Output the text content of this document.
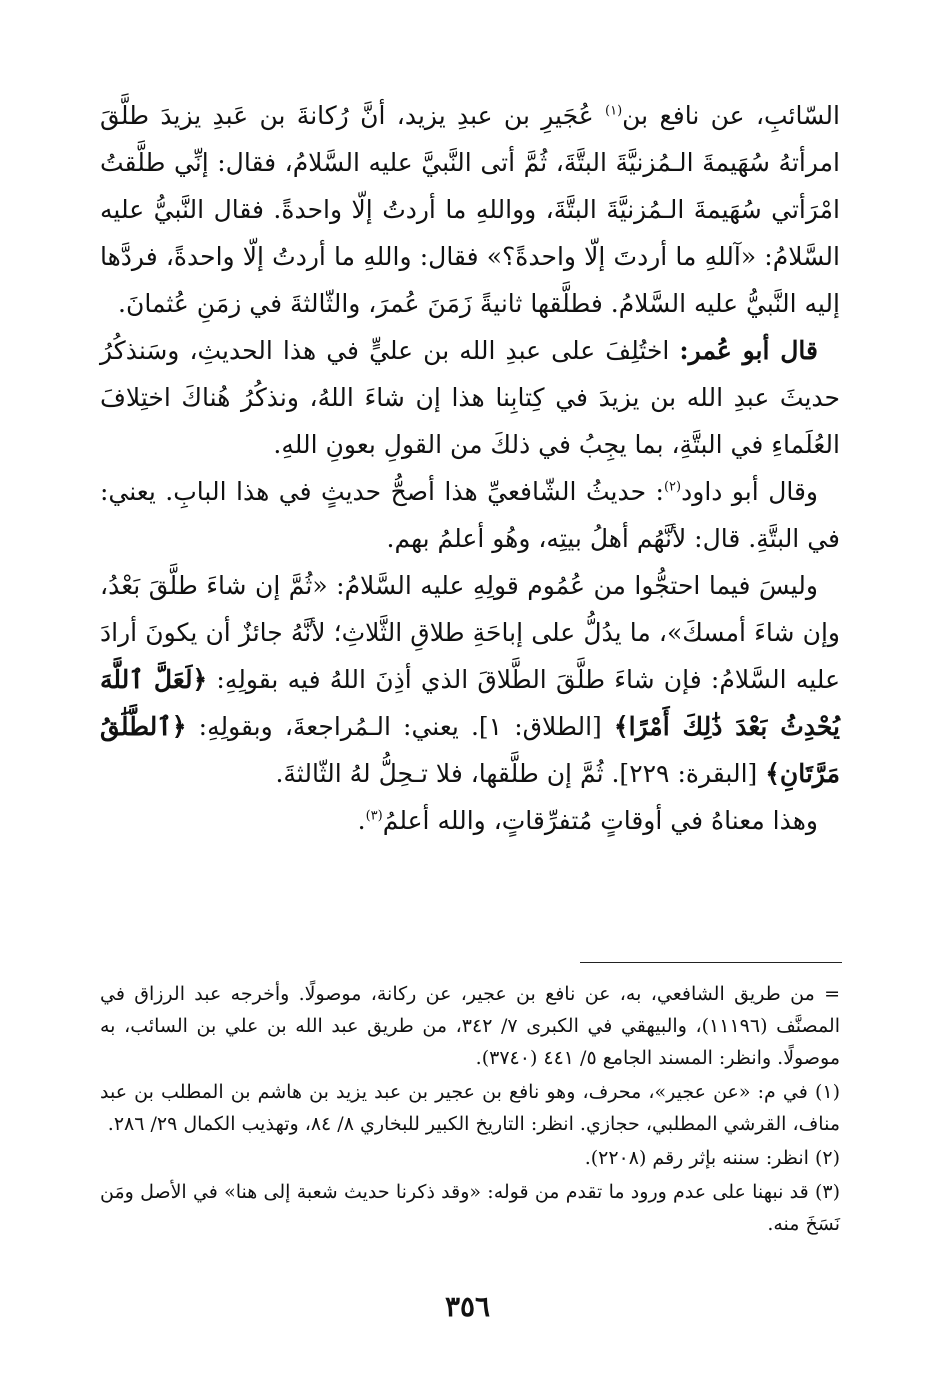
السّائبِ، عن نافع بن$^{(١)}$ عُجَيرِ بن عبدِ يزيد، أنَّ رُكانةَ بن عَبدِ يزيدَ طلَّقَ امرأتهُ سُهَيمةَ الـمُزنيَّةَ البتَّةَ، ثُمَّ أتى النَّبيَّ عليه السَّلامُ، فقال: إنِّي طلَّقتُ امْرَأتي سُهَيمةَ الـمُزنيَّةَ البتَّةَ، وواللهِ ما أردتُ إلّا واحدةً. فقال النَّبيُّ عليه السَّلامُ: «آللهِ ما أردتَ إلّا واحدةً؟» فقال: واللهِ ما أردتُ إلّا واحدةً، فردَّها إليه النَّبيُّ عليه السَّلامُ. فطلَّقها ثانيةً زَمَنَ عُمرَ، والثّالثةَ في زمَنِ عُثمانَ.

قال أبو عُمر: اختُلِفَ على عبدِ الله بن عليٍّ في هذا الحديثِ، وسَنذكُرُ حديثَ عبدِ الله بن يزيدَ في كِتابِنا هذا إن شاءَ اللهُ، ونذكُرُ هُناكَ اختِلافَ العُلَماءِ في البتَّةِ، بما يجِبُ في ذلكَ من القولِ بعونِ اللهِ.

وقال أبو داود$^{(٢)}$: حديثُ الشّافعيِّ هذا أصحُّ حديثٍ في هذا البابِ. يعني: في البتَّةِ. قال: لأنَّهُم أهلُ بيتِه، وهُو أعلمُ بهم.

وليسَ فيما احتجُّوا من عُمُوم قولِهِ عليه السَّلامُ: «ثُمَّ إن شاءَ طلَّقَ بَعْدُ، وإن شاءَ أمسكَ»، ما يدُلُّ على إباحَةِ طلاقِ الثَّلاثِ؛ لأنَّهُ جائزٌ أن يكونَ أرادَ عليه السَّلامُ: فإن شاءَ طلَّقَ الطَّلاقَ الذي أذِنَ اللهُ فيه بقولِهِ: ﴿لَعَلَّ ٱللَّهَ يُحْدِثُ بَعْدَ ذَٰلِكَ أَمْرًا﴾ [الطلاق: ١]. يعني: الـمُراجعةَ، وبقولِهِ: ﴿ٱلطَّلَٰقُ مَرَّتَانِ﴾ [البقرة: ٢٢٩]. ثُمَّ إن طلَّقها، فلا تـحِلُّ لهُ الثّالثةَ.

وهذا معناهُ في أوقاتٍ مُتفرِّقاتٍ، والله أعلمُ$^{(٣)}$.

= من طريق الشافعي، به، عن نافع بن عجير، عن ركانة، موصولًا. وأخرجه عبد الرزاق في المصنَّف (١١١٩٦)، والبيهقي في الكبرى ٧/ ٣٤٢، من طريق عبد الله بن علي بن السائب، به موصولًا. وانظر: المسند الجامع ٥/ ٤٤١ (٣٧٤٠).

(١) في م: «عن عجير»، محرف، وهو نافع بن عجير بن عبد يزيد بن هاشم بن المطلب بن عبد مناف، القرشي المطلبي، حجازي. انظر: التاريخ الكبير للبخاري ٨/ ٨٤، وتهذيب الكمال ٢٩/ ٢٨٦.

(٢) انظر: سننه بإثر رقم (٢٢٠٨).

(٣) قد نبهنا على عدم ورود ما تقدم من قوله: «وقد ذكرنا حديث شعبة إلى هنا» في الأصل ومَن نَسَخَ منه.

٣٥٦
